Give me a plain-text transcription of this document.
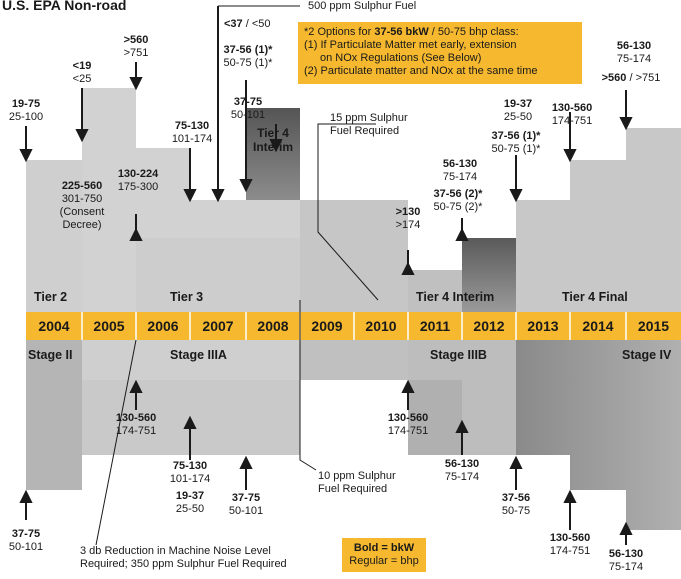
U.S. EPA Non-road
19-75
25-100
<19
<25
>560
>751
225-560
301-750
(Consent
Decree)
130-224
175-300
75-130
101-174
<37 / <50
37-56 (1)*
50-75 (1)*
37-75
50-101
Tier 4
Interim
>130
>174
37-56 (2)*
50-75 (2)*
56-130
75-174
19-37
25-50
37-56 (1)*
50-75 (1)*
130-560
174-751
>560 / >751
56-130
75-174
500 ppm Sulphur Fuel
15 ppm Sulphur
Fuel Required
10 ppm Sulphur
Fuel Required
3 db Reduction in Machine Noise Level
Required; 350 ppm Sulphur Fuel Required
*2 Options for 37-56 bkW / 50-75 bhp class:
(1) If Particulate Matter met early, extension
on NOx Regulations (See Below)
(2) Particulate matter and NOx at the same time
Bold = bkW
Regular = bhp
Tier 2	Tier 3	Tier 4 Interim	Tier 4 Final
2004	2005	2006	2007	2008	2009	2010	2011	2012	2013	2014	2015
Stage II	Stage IIIA	Stage IIIB	Stage IV
37-75
50-101
130-560
174-751
75-130
101-174
19-37
25-50
37-75
50-101
130-560
174-751
56-130
75-174
37-56
50-75
130-560
174-751	56-130
75-174
